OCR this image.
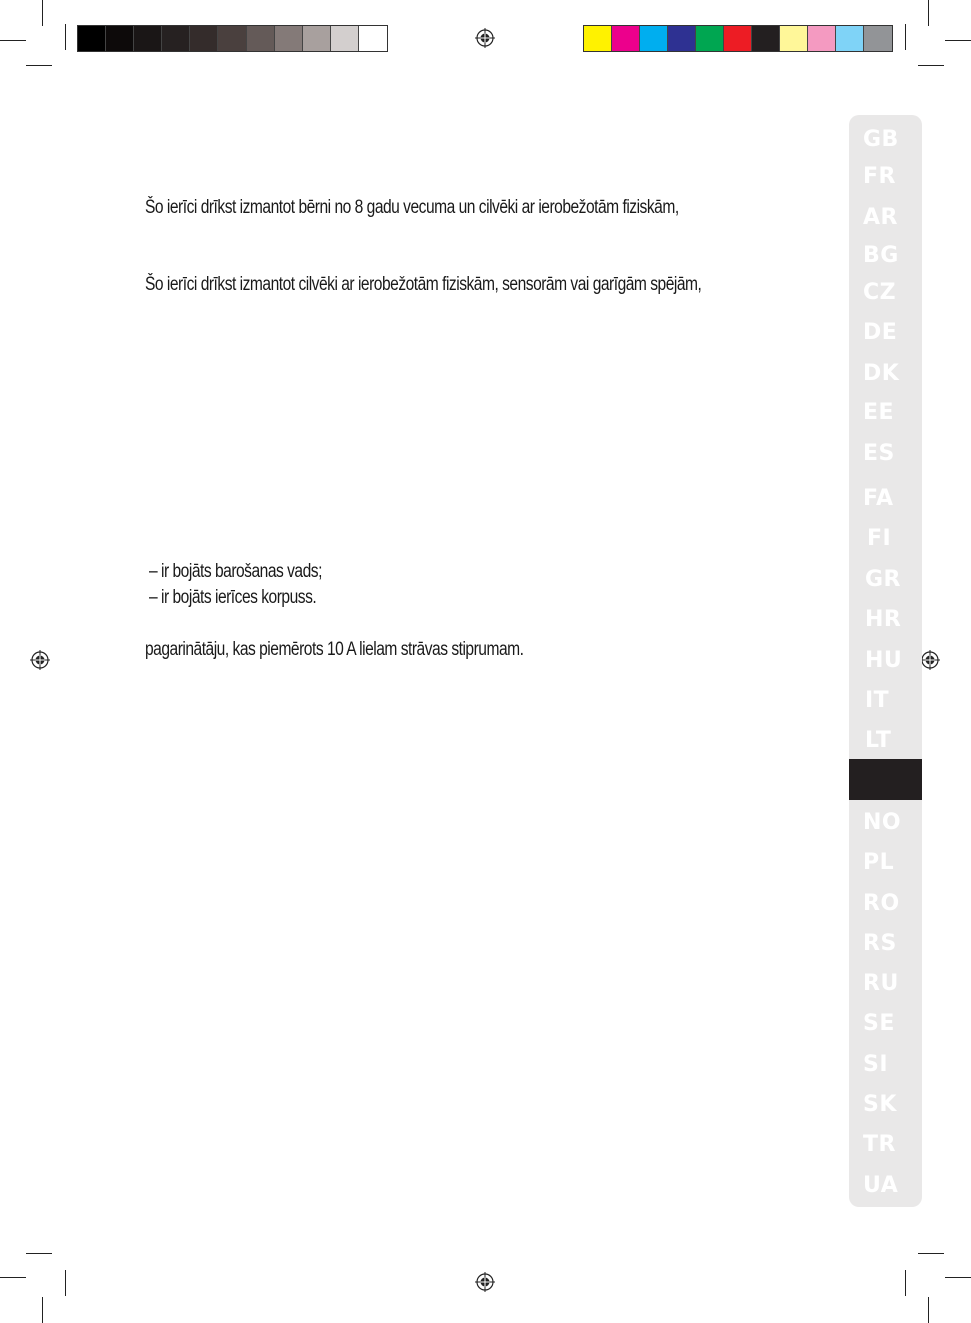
Šo ierīci drīkst izmantot bērni no 8 gadu vecuma un cilvēki ar ierobežotām fiziskām,
Šo ierīci drīkst izmantot cilvēki ar ierobežotām fiziskām, sensorām vai garīgām spējām,
– ir bojāts barošanas vads;
– ir bojāts ierīces korpuss.
pagarinātāju, kas piemērots 10 A lielam strāvas stiprumam.
GB
FR
AR
BG
CZ
DE
DK
EE
ES
FA
FI
GR
HR
HU
IT
LT
NO
PL
RO
RS
RU
SE
SI
SK
TR
UA
